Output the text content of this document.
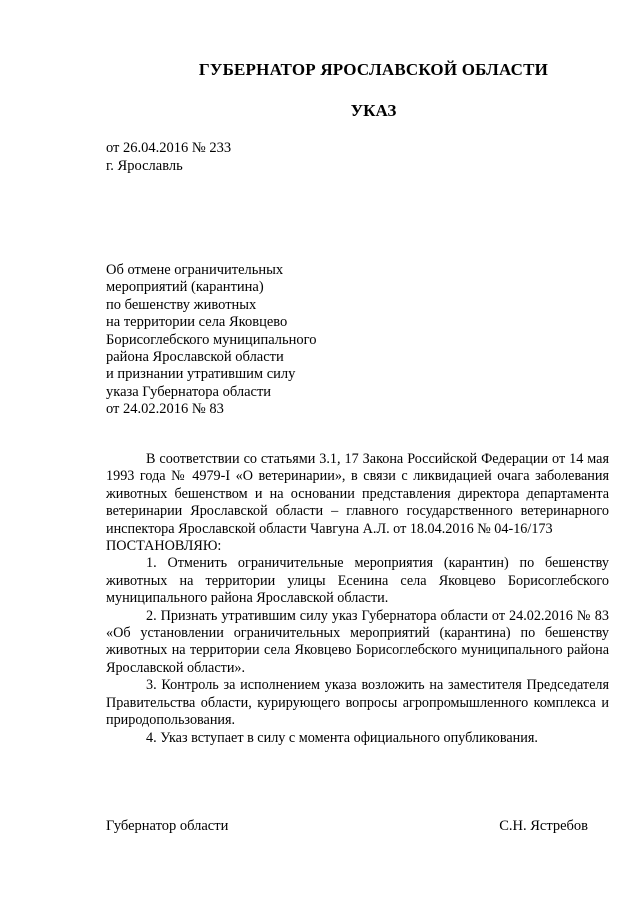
ГУБЕРНАТОР ЯРОСЛАВСКОЙ ОБЛАСТИ
УКАЗ
от 26.04.2016 № 233
г. Ярославль
Об отмене ограничительных
мероприятий (карантина)
по бешенству животных
на территории села Яковцево
Борисоглебского муниципального
района Ярославской области
и признании утратившим силу
указа Губернатора области
от 24.02.2016 № 83

В соответствии со статьями 3.1, 17 Закона Российской Федерации от 14 мая 1993 года № 4979-I «О ветеринарии», в связи с ликвидацией очага заболевания животных бешенством и на основании представления директора департамента ветеринарии Ярославской области – главного государственного ветеринарного инспектора Ярославской области Чавгуна А.Л. от 18.04.2016 № 04-16/173

ПОСТАНОВЛЯЮ:

1. Отменить ограничительные мероприятия (карантин) по бешенству животных на территории улицы Есенина села Яковцево Борисоглебского муниципального района Ярославской области.

2. Признать утратившим силу указ Губернатора области от 24.02.2016 № 83 «Об установлении ограничительных мероприятий (карантина) по бешенству животных на территории села Яковцево Борисоглебского муниципального района Ярославской области».

3. Контроль за исполнением указа возложить на заместителя Председателя Правительства области, курирующего вопросы агропромышленного комплекса и природопользования.

4. Указ вступает в силу с момента официального опубликования.

Губернатор области	С.Н. Ястребов
